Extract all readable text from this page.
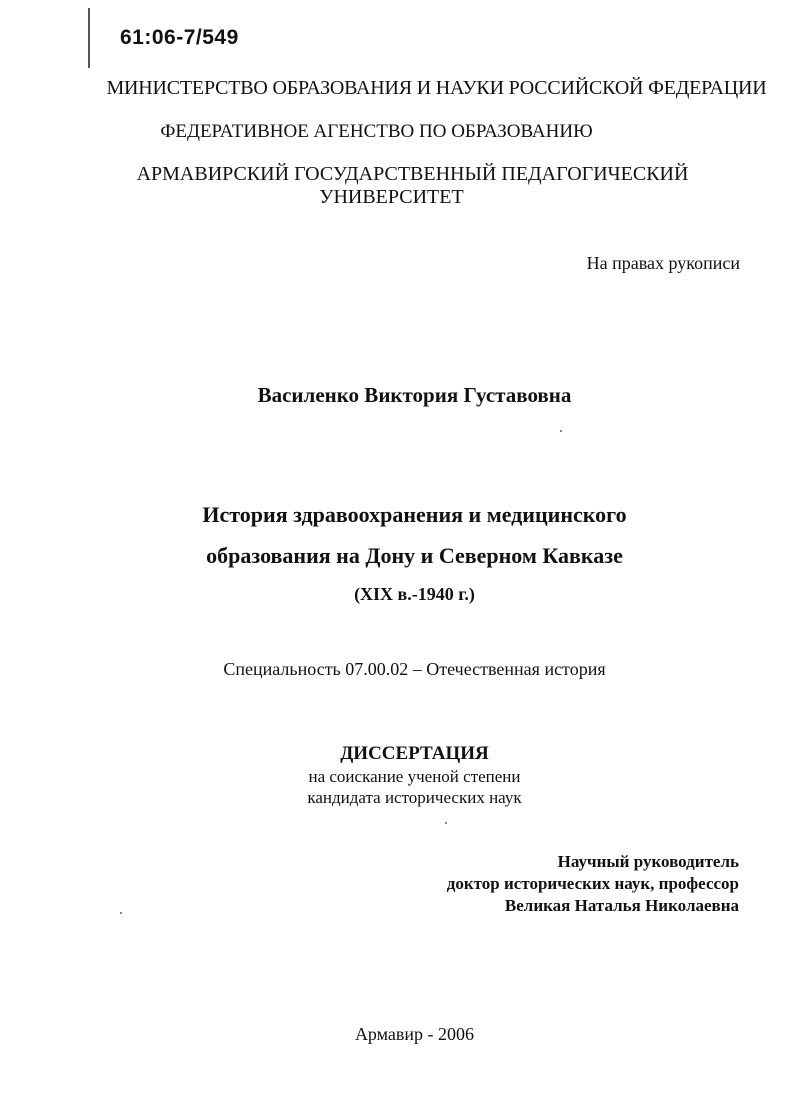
61:06-7/549
МИНИСТЕРСТВО ОБРАЗОВАНИЯ И НАУКИ РОССИЙСКОЙ ФЕДЕРАЦИИ
ФЕДЕРАТИВНОЕ АГЕНСТВО ПО ОБРАЗОВАНИЮ
АРМАВИРСКИЙ ГОСУДАРСТВЕННЫЙ ПЕДАГОГИЧЕСКИЙ
УНИВЕРСИТЕТ
На правах рукописи
Василенко Виктория Густавовна
История здравоохранения и медицинского
образования на Дону и Северном Кавказе
(XIX в.-1940 г.)
Специальность 07.00.02 – Отечественная история
ДИССЕРТАЦИЯ
на соискание ученой степени
кандидата исторических наук
Научный руководитель
доктор исторических наук, профессор
Великая Наталья Николаевна
Армавир - 2006
